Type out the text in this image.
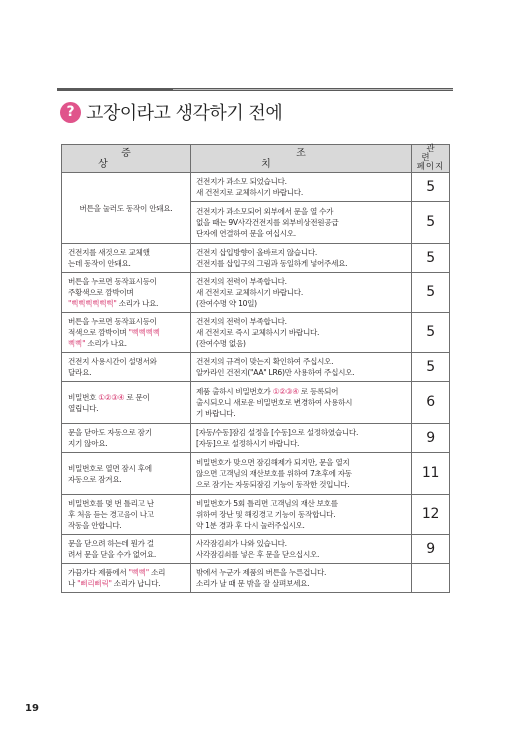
? 고장이라고 생각하기 전에
증 상	조 치	관 련
페이지

버튼을 눌러도 동작이 안돼요.	건전지가 과소모 되었습니다.
새 건전지로 교체하시기 바랍니다.	5
	건전지가 과소모되어 외부에서 문을 열 수가
없을 때는 9V사각건전지를 외부비상전원공급
단자에 연결하여 문을 여십시오.	5
건전지를 새것으로 교체했
는데 동작이 안돼요.	건전지 삽입방향이 올바르지 않습니다.
건전지를 삽입구의 그림과 동일하게 넣어주세요.	5
버튼을 누르면 동작표시등이
주황색으로 깜박이며
"삑삑삑삑삑삑" 소리가 나요.	건전지의 전력이 부족합니다.
새 건전지로 교체하시기 바랍니다.
(잔여수명 약 10일)	5
버튼을 누르면 동작표시등이
적색으로 깜박이며 "삑삑삑삑
삑삑" 소리가 나요.	건전지의 전력이 부족합니다.
새 건전지로 즉시 교체하시기 바랍니다.
(잔여수명 없음)	5
건전지 사용시간이 설명서와
달라요.	건전지의 규격이 맞는지 확인하여 주십시오.
알카라인 건전지("AA" LR6)만 사용하여 주십시오.	5
비밀번호 ①②③④ 로 문이
열립니다.	제품 출하시 비밀번호가 ①②③④ 로 등록되어
출시되오니 새로운 비밀번호로 변경하여 사용하시
기 바랍니다.	6
문을 닫아도 자동으로 잠기
지기 않아요.	[자동/수동]잠김 설정을 [수동]으로 설정하였습니다.
[자동]으로 설정하시기 바랍니다.	9
비밀번호로 열면 잠시 후에
자동으로 잠겨요.	비밀번호가 맞으면 잠김해제가 되지만, 문을 열지
않으면 고객님의 재산보호를 위하여 7초후에 자동
으로 잠기는 자동되잠김 기능이 동작한 것입니다.	11
비밀번호를 몇 번 틀리고 난
후 처음 듣는 경고음이 나고
작동을 안합니다.	비밀번호가 5회 틀리면 고객님의 재산 보호를
위하여 장난 및 해킹경고 기능이 동작합니다.
약 1분 경과 후 다시 눌러주십시오.	12
문을 닫으려 하는데 뭔가 걸
려서 문을 닫을 수가 없어요.	사각잠김쇠가 나와 있습니다.
사각잠김쇠를 넣은 후 문을 닫으십시오.	9
가끔가다 제품에서 "삑삑" 소리
나 "삐리삐릭" 소리가 납니다.	밖에서 누군가 제품의 버튼을 누른겁니다.
소리가 날 때 문 밖을 잘 살펴보세요.	
19
